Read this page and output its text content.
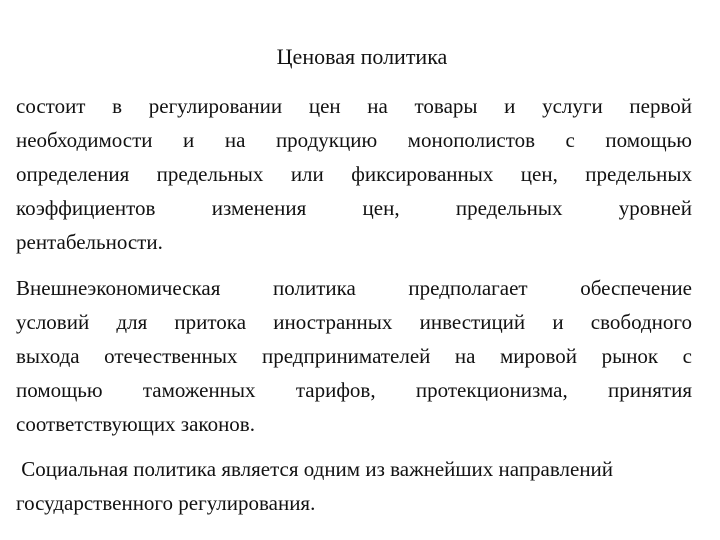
Ценовая политика
состоит в регулировании цен на товары и услуги первой
необходимости и на продукцию монополистов с помощью
определения предельных или фиксированных цен, предельных
коэффициентов изменения цен, предельных уровней
рентабельности.
Внешнеэкономическая политика предполагает обеспечение
условий для притока иностранных инвестиций и свободного
выхода отечественных предпринимателей на мировой рынок с
помощью таможенных тарифов, протекционизма, принятия
соответствующих законов.
Социальная политика является одним из важнейших направлений
государственного регулирования.
